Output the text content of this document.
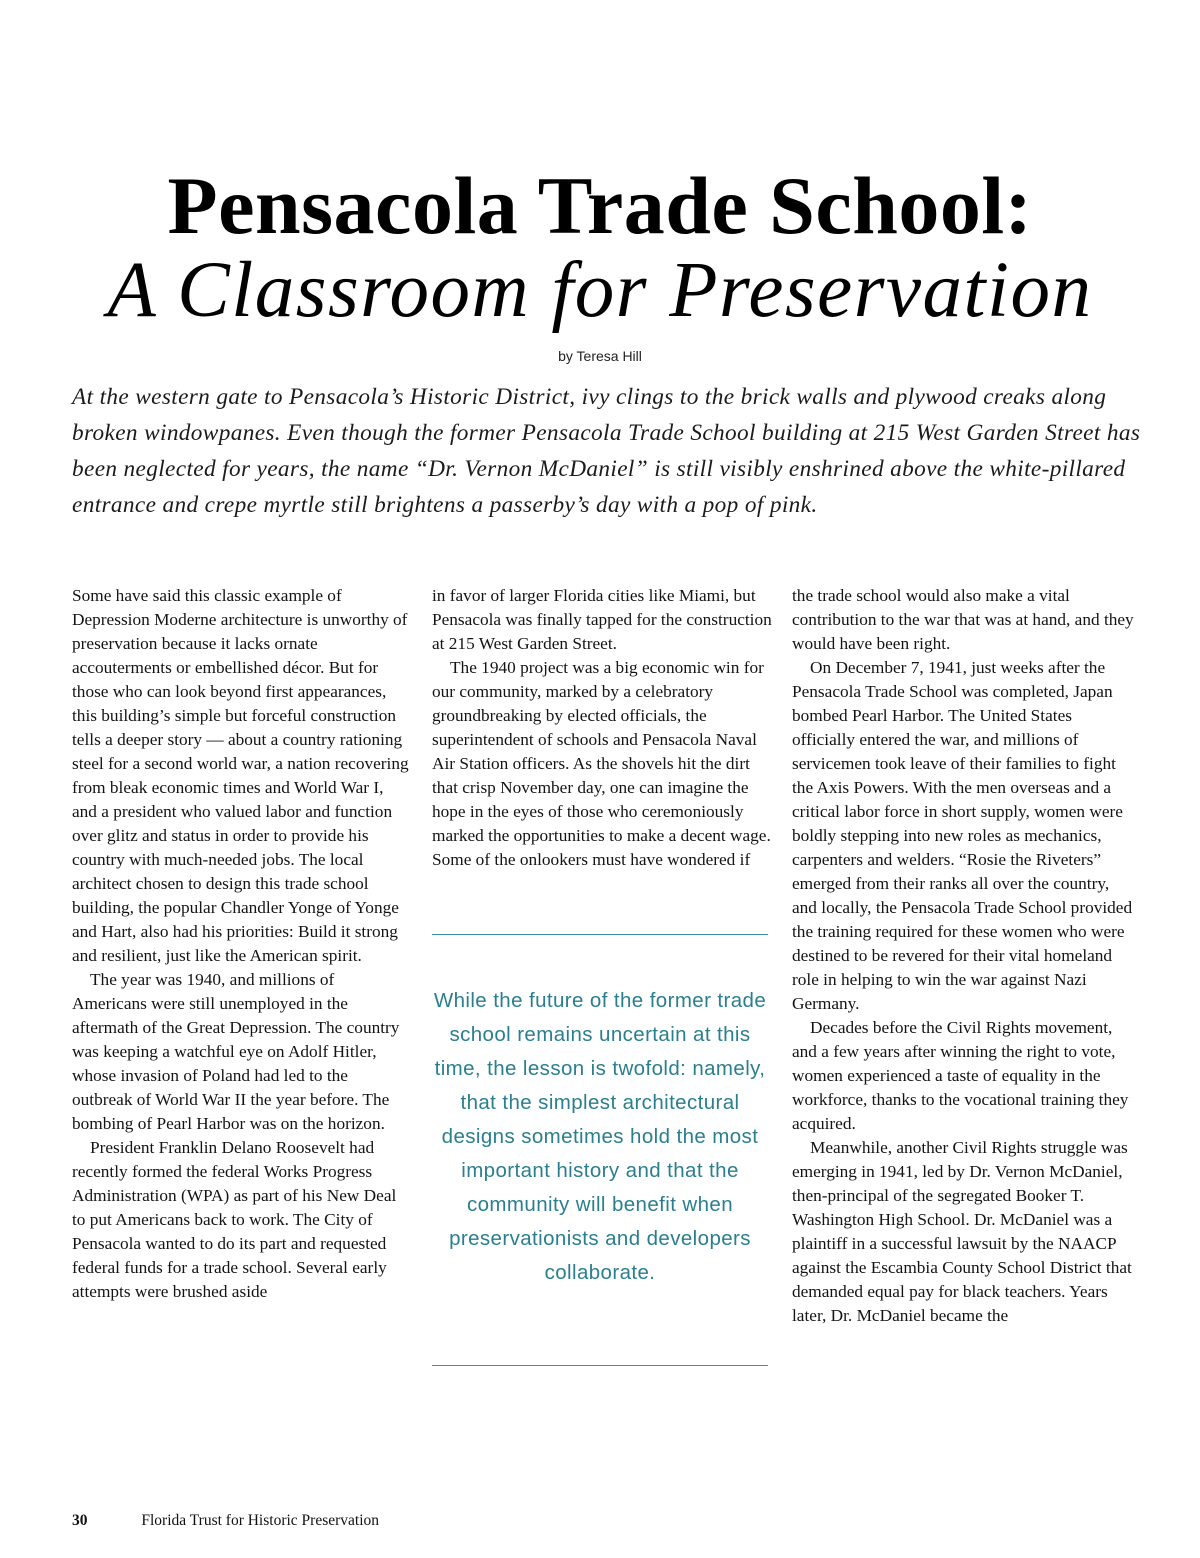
Pensacola Trade School:
A Classroom for Preservation
by Teresa Hill

At the western gate to Pensacola’s Historic District, ivy clings to the brick walls and plywood creaks along broken windowpanes. Even though the former Pensacola Trade School building at 215 West Garden Street has been neglected for years, the name “Dr. Vernon McDaniel” is still visibly enshrined above the white-pillared entrance and crepe myrtle still brightens a passerby’s day with a pop of pink.

Some have said this classic example of Depression Moderne architecture is unworthy of preservation because it lacks ornate accouterments or embellished décor. But for those who can look beyond first appearances, this building’s simple but forceful construction tells a deeper story — about a country rationing steel for a second world war, a nation recovering from bleak economic times and World War I, and a president who valued labor and function over glitz and status in order to provide his country with much-needed jobs. The local architect chosen to design this trade school building, the popular Chandler Yonge of Yonge and Hart, also had his priorities: Build it strong and resilient, just like the American spirit.

The year was 1940, and millions of Americans were still unemployed in the aftermath of the Great Depression. The country was keeping a watchful eye on Adolf Hitler, whose invasion of Poland had led to the outbreak of World War II the year before. The bombing of Pearl Harbor was on the horizon.

President Franklin Delano Roosevelt had recently formed the federal Works Progress Administration (WPA) as part of his New Deal to put Americans back to work. The City of Pensacola wanted to do its part and requested federal funds for a trade school. Several early attempts were brushed aside

in favor of larger Florida cities like Miami, but Pensacola was finally tapped for the construction at 215 West Garden Street.

The 1940 project was a big economic win for our community, marked by a celebratory groundbreaking by elected officials, the superintendent of schools and Pensacola Naval Air Station officers. As the shovels hit the dirt that crisp November day, one can imagine the hope in the eyes of those who ceremoniously marked the opportunities to make a decent wage. Some of the onlookers must have wondered if

While the future of the former trade school remains uncertain at this time, the lesson is twofold: namely, that the simplest architectural designs sometimes hold the most important history and that the community will benefit when preservationists and developers collaborate.

the trade school would also make a vital contribution to the war that was at hand, and they would have been right.

On December 7, 1941, just weeks after the Pensacola Trade School was completed, Japan bombed Pearl Harbor. The United States officially entered the war, and millions of servicemen took leave of their families to fight the Axis Powers. With the men overseas and a critical labor force in short supply, women were boldly stepping into new roles as mechanics, carpenters and welders. “Rosie the Riveters” emerged from their ranks all over the country, and locally, the Pensacola Trade School provided the training required for these women who were destined to be revered for their vital homeland role in helping to win the war against Nazi Germany.

Decades before the Civil Rights movement, and a few years after winning the right to vote, women experienced a taste of equality in the workforce, thanks to the vocational training they acquired.

Meanwhile, another Civil Rights struggle was emerging in 1941, led by Dr. Vernon McDaniel, then-principal of the segregated Booker T. Washington High School. Dr. McDaniel was a plaintiff in a successful lawsuit by the NAACP against the Escambia County School District that demanded equal pay for black teachers. Years later, Dr. McDaniel became the

30	Florida Trust for Historic Preservation
